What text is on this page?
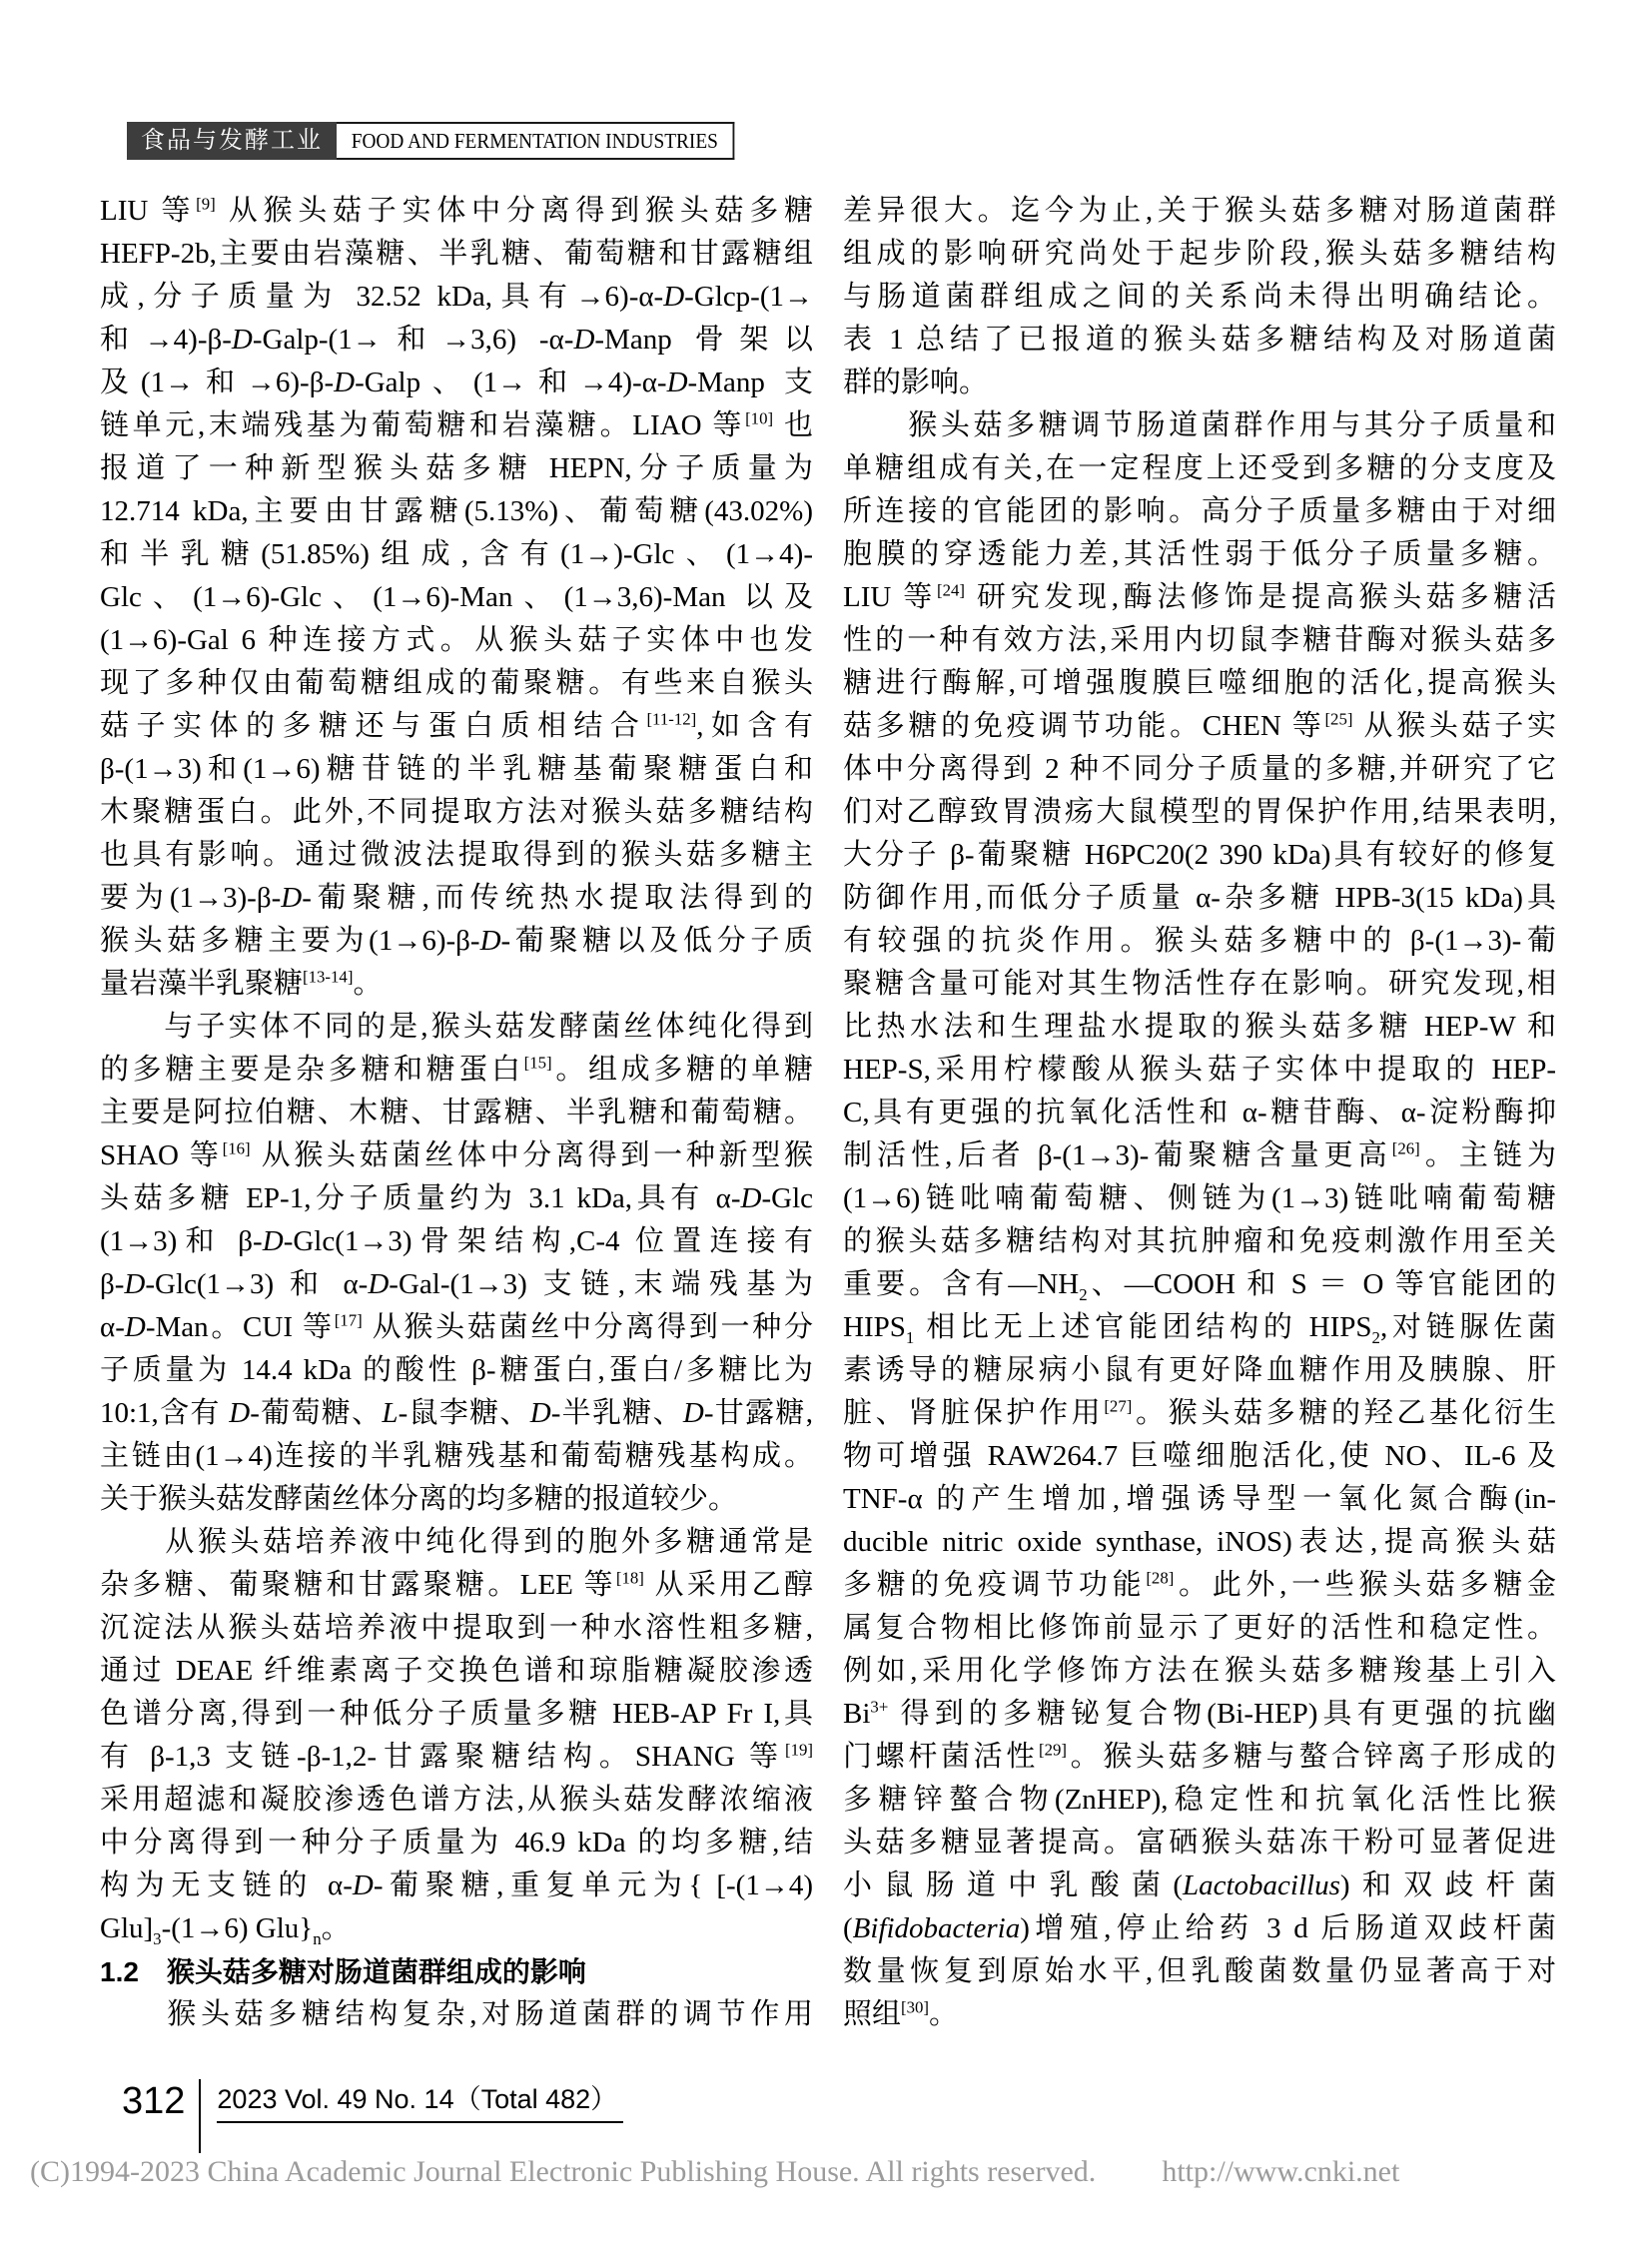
食品与发酵工业	FOOD AND FERMENTATION INDUSTRIES
LIU 等[9] 从猴头菇子实体中分离得到猴头菇多糖
HEFP-2b,主要由岩藻糖、半乳糖、葡萄糖和甘露糖组
成,分子质量为 32.52 kDa,具有→6)-α-D-Glcp-(1→
和→4)-β-D-Galp-(1→和→3,6) -α-D-Manp 骨架以
及(1→和→6)-β-D-Galp、(1→和→4)-α-D-Manp 支
链单元,末端残基为葡萄糖和岩藻糖。LIAO 等[10] 也
报道了一种新型猴头菇多糖 HEPN,分子质量为
12.714 kDa,主要由甘露糖(5.13%)、葡萄糖(43.02%)
和半乳糖(51.85%)组成,含有(1→)-Glc、(1→4)-
Glc、(1→6)-Glc、(1→6)-Man、(1→3,6)-Man 以及
(1→6)-Gal 6 种连接方式。从猴头菇子实体中也发
现了多种仅由葡萄糖组成的葡聚糖。有些来自猴头
菇子实体的多糖还与蛋白质相结合[11-12],如含有
β-(1→3)和(1→6)糖苷链的半乳糖基葡聚糖蛋白和
木聚糖蛋白。此外,不同提取方法对猴头菇多糖结构
也具有影响。通过微波法提取得到的猴头菇多糖主
要为(1→3)-β-D-葡聚糖,而传统热水提取法得到的
猴头菇多糖主要为(1→6)-β-D-葡聚糖以及低分子质
量岩藻半乳聚糖[13-14]。
　　与子实体不同的是,猴头菇发酵菌丝体纯化得到
的多糖主要是杂多糖和糖蛋白[15]。组成多糖的单糖
主要是阿拉伯糖、木糖、甘露糖、半乳糖和葡萄糖。
SHAO 等[16] 从猴头菇菌丝体中分离得到一种新型猴
头菇多糖 EP-1,分子质量约为 3.1 kDa,具有 α-D-Glc
(1→3)和 β-D-Glc(1→3)骨架结构,C-4 位置连接有
β-D-Glc(1→3) 和 α-D-Gal-(1→3) 支链,末端残基为
α-D-Man。CUI 等[17] 从猴头菇菌丝中分离得到一种分
子质量为 14.4 kDa 的酸性 β-糖蛋白,蛋白/多糖比为
10:1,含有 D-葡萄糖、L-鼠李糖、D-半乳糖、D-甘露糖,
主链由(1→4)连接的半乳糖残基和葡萄糖残基构成。
关于猴头菇发酵菌丝体分离的均多糖的报道较少。
　　从猴头菇培养液中纯化得到的胞外多糖通常是
杂多糖、葡聚糖和甘露聚糖。LEE 等[18] 从采用乙醇
沉淀法从猴头菇培养液中提取到一种水溶性粗多糖,
通过 DEAE 纤维素离子交换色谱和琼脂糖凝胶渗透
色谱分离,得到一种低分子质量多糖 HEB-AP Fr I,具
有 β-1,3 支链-β-1,2-甘露聚糖结构。SHANG 等[19]
采用超滤和凝胶渗透色谱方法,从猴头菇发酵浓缩液
中分离得到一种分子质量为 46.9 kDa 的均多糖,结
构为无支链的 α-D-葡聚糖,重复单元为{ [-(1→4)
$Glu]_3-(1\to 6)$ $Glu\}_n$。
1.2　猴头菇多糖对肠道菌群组成的影响
　　猴头菇多糖结构复杂,对肠道菌群的调节作用
差异很大。迄今为止,关于猴头菇多糖对肠道菌群
组成的影响研究尚处于起步阶段,猴头菇多糖结构
与肠道菌群组成之间的关系尚未得出明确结论。
表 1 总结了已报道的猴头菇多糖结构及对肠道菌
群的影响。
　　猴头菇多糖调节肠道菌群作用与其分子质量和
单糖组成有关,在一定程度上还受到多糖的分支度及
所连接的官能团的影响。高分子质量多糖由于对细
胞膜的穿透能力差,其活性弱于低分子质量多糖。
LIU 等[24] 研究发现,酶法修饰是提高猴头菇多糖活
性的一种有效方法,采用内切鼠李糖苷酶对猴头菇多
糖进行酶解,可增强腹膜巨噬细胞的活化,提高猴头
菇多糖的免疫调节功能。CHEN 等[25] 从猴头菇子实
体中分离得到 2 种不同分子质量的多糖,并研究了它
们对乙醇致胃溃疡大鼠模型的胃保护作用,结果表明,
大分子 β-葡聚糖 H6PC20(2 390 kDa)具有较好的修复
防御作用,而低分子质量 α-杂多糖 HPB-3(15 kDa)具
有较强的抗炎作用。猴头菇多糖中的 β-(1→3)-葡
聚糖含量可能对其生物活性存在影响。研究发现,相
比热水法和生理盐水提取的猴头菇多糖 HEP-W 和
HEP-S,采用柠檬酸从猴头菇子实体中提取的 HEP-
C,具有更强的抗氧化活性和 α-糖苷酶、α-淀粉酶抑
制活性,后者 β-(1→3)-葡聚糖含量更高[26]。主链为
(1→6)链吡喃葡萄糖、侧链为(1→3)链吡喃葡萄糖
的猴头菇多糖结构对其抗肿瘤和免疫刺激作用至关
重要。含有$—NH_2$、—COOH 和 S ＝ O 等官能团的
$HIPS_1$ 相比无上述官能团结构的 $HIPS_2$,对链脲佐菌
素诱导的糖尿病小鼠有更好降血糖作用及胰腺、肝
脏、肾脏保护作用[27]。猴头菇多糖的羟乙基化衍生
物可增强 RAW264.7 巨噬细胞活化,使 NO、IL-6 及
TNF-α 的产生增加,增强诱导型一氧化氮合酶(in-
ducible nitric oxide synthase, iNOS)表达,提高猴头菇
多糖的免疫调节功能[28]。此外,一些猴头菇多糖金
属复合物相比修饰前显示了更好的活性和稳定性。
例如,采用化学修饰方法在猴头菇多糖羧基上引入
$Bi^{3+}$ 得到的多糖铋复合物(Bi-HEP)具有更强的抗幽
门螺杆菌活性[29]。猴头菇多糖与螯合锌离子形成的
多糖锌螯合物(ZnHEP),稳定性和抗氧化活性比猴
头菇多糖显著提高。富硒猴头菇冻干粉可显著促进
小鼠肠道中乳酸菌(Lactobacillus)和双歧杆菌
(Bifidobacteria)增殖,停止给药 3 d 后肠道双歧杆菌
数量恢复到原始水平,但乳酸菌数量仍显著高于对
照组[30]。
312 2023 Vol. 49 No. 14（Total 482）
(C)1994-2023 China Academic Journal Electronic Publishing House. All rights reserved. http://www.cnki.net
